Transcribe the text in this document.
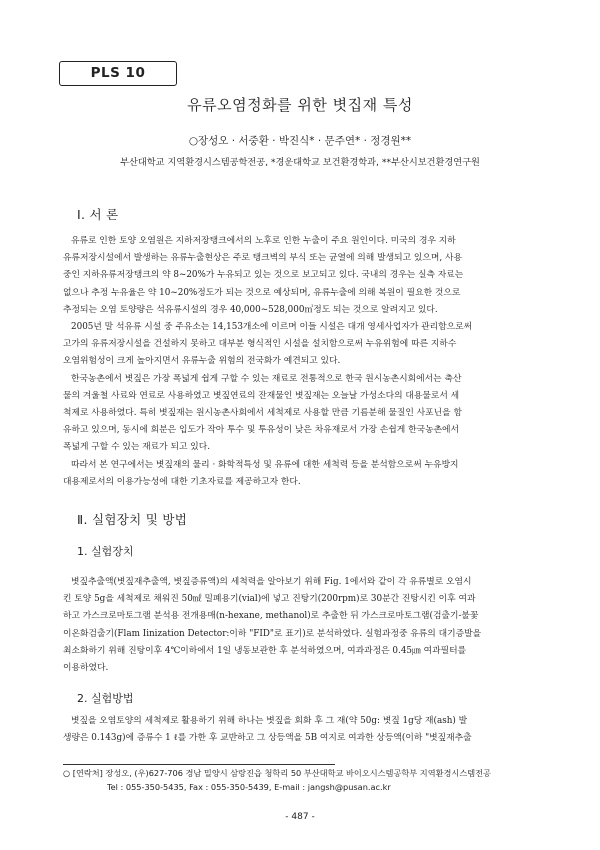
PLS 10
유류오염정화를 위한 볏집재 특성
○장성오 · 서중환 · 박진식* · 문주연* · 정경원**
부산대학교 지역환경시스템공학전공, *경운대학교 보건환경학과, **부산시보건환경연구원
Ⅰ. 서 론

유류로 인한 토양 오염원은 지하저장탱크에서의 노후로 인한 누출이 주요 원인이다. 미국의 경우 지하

유류저장시설에서 발생하는 유류누출현상은 주로 탱크벽의 부식 또는 균열에 의해 발생되고 있으며, 사용

중인 지하유류저장탱크의 약 8~20%가 누유되고 있는 것으로 보고되고 있다. 국내의 경우는 실측 자료는

없으나 추정 누유율은 약 10~20%정도가 되는 것으로 예상되며, 유류누출에 의해 복원이 필요한 것으로

추정되는 오염 토양량은 석유류시설의 경우 40,000~528,000㎥정도 되는 것으로 알려지고 있다.

2005년 말 석유류 시설 중 주유소는 14,153개소에 이르며 이들 시설은 대개 영세사업자가 관리함으로써

고가의 유류저장시설을 건설하지 못하고 대부분 형식적인 시설을 설치함으로써 누유위험에 따른 지하수

오염위험성이 크게 높아지면서 유류누출 위험의 전국화가 예견되고 있다.

한국농촌에서 볏짚은 가장 폭넓게 쉽게 구할 수 있는 재료로 전통적으로 한국 원시농촌시회에서는 축산

물의 겨울철 사료와 연료로 사용하였고 볏짚연료의 잔재물인 볏짚재는 오늘날 가성소다의 대용물로서 세

척제로 사용하였다. 특히 볏짚재는 원시농촌사회에서 세척제로 사용할 만큼 기름분해 물질인 사포닌을 함

유하고 있으며, 동시에 회분은 입도가 작아 투수 및 투유성이 낮은 차유재로서 가장 손쉽게 한국농촌에서

폭넓게 구할 수 있는 재료가 되고 있다.

따라서 본 연구에서는 볏짚재의 물리 · 화학적특성 및 유류에 대한 세척력 등을 분석함으로써 누유방지

대용제로서의 이용가능성에 대한 기초자료를 제공하고자 한다.

Ⅱ. 실험장치 및 방법
1. 실험장치

볏짚추출액(볏짚재추출액, 볏짚증류액)의 세척력을 알아보기 위해 Fig. 1에서와 같이 각 유류별로 오염시

킨 토양 5g을 세척제로 채워진 50㎖ 밀폐용기(vial)에 넣고 진탕기(200rpm)로 30분간 진탕시킨 이후 여과

하고 가스크로마토그램 분석용 전개용매(n-hexane, methanol)로 추출한 뒤 가스크로마토그램(검출기-불꽃

이온화검출기(Flam Iinization Detector:이하 "FID"로 표기)로 분석하였다. 실험과정중 유류의 대기증발을

최소화하기 위해 진탕이후 4℃이하에서 1일 냉동보관한 후 분석하였으며, 여과과정은 0.45㎛ 여과필터를

이용하였다.

2. 실험방법

볏짚을 오염토양의 세척제로 활용하기 위해 하나는 볏짚을 회화 후 그 재(약 50g: 볏짚 1g당 재(ash) 발

생량은 0.143g)에 증류수 1 ℓ를 가한 후 교반하고 그 상등액을 5B 여지로 여과한 상등액(이하 "볏짚재추출

○ [연락처] 장성오, (우)627-706 경남 밀양시 삼랑진읍 청학리 50 부산대학교 바이오시스템공학부 지역환경시스템전공

Tel : 055-350-5435, Fax : 055-350-5439, E-mail : jangsh@pusan.ac.kr

- 487 -
